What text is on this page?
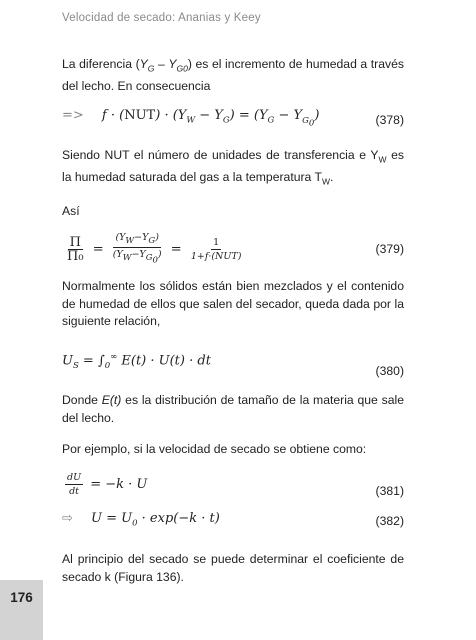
Velocidad de secado: Ananias y Keey
176

La diferencia $(Y_G - Y_{G0})$ es el incremento de humedad a través del lecho. En consecuencia

=> $f \cdot (NUT) \cdot (Y_W - Y_G) = (Y_G - Y_{G_0})$	(378)

Siendo NUT el número de unidades de transferencia e $Y_W$ es la humedad saturada del gas a la temperatura $T_W$.

Así

$\frac{\Pi}{\text{Π₀}} = \frac{(Y_W-Y_G)}{(Y_W-Y_{G_0})} = \frac{1}{\text{1+f·(NUT)}}$	(379)

Normalmente los sólidos están bien mezclados y el contenido de humedad de ellos que salen del secador, queda dada por la siguiente relación,

$U_S = \int_0^\infty$ E(t) · U(t) · dt
(380)

Donde E(t) es la distribución de tamaño de la materia que sale del lecho.

Por ejemplo, si la velocidad de secado se obtiene como:

$\frac{dU}{dt} = -k \cdot U$	(381)
⇨ $U = U_0 \cdot \exp(-k \cdot t)$	(382)

Al principio del secado se puede determinar el coeficiente de secado k (Figura 136).
